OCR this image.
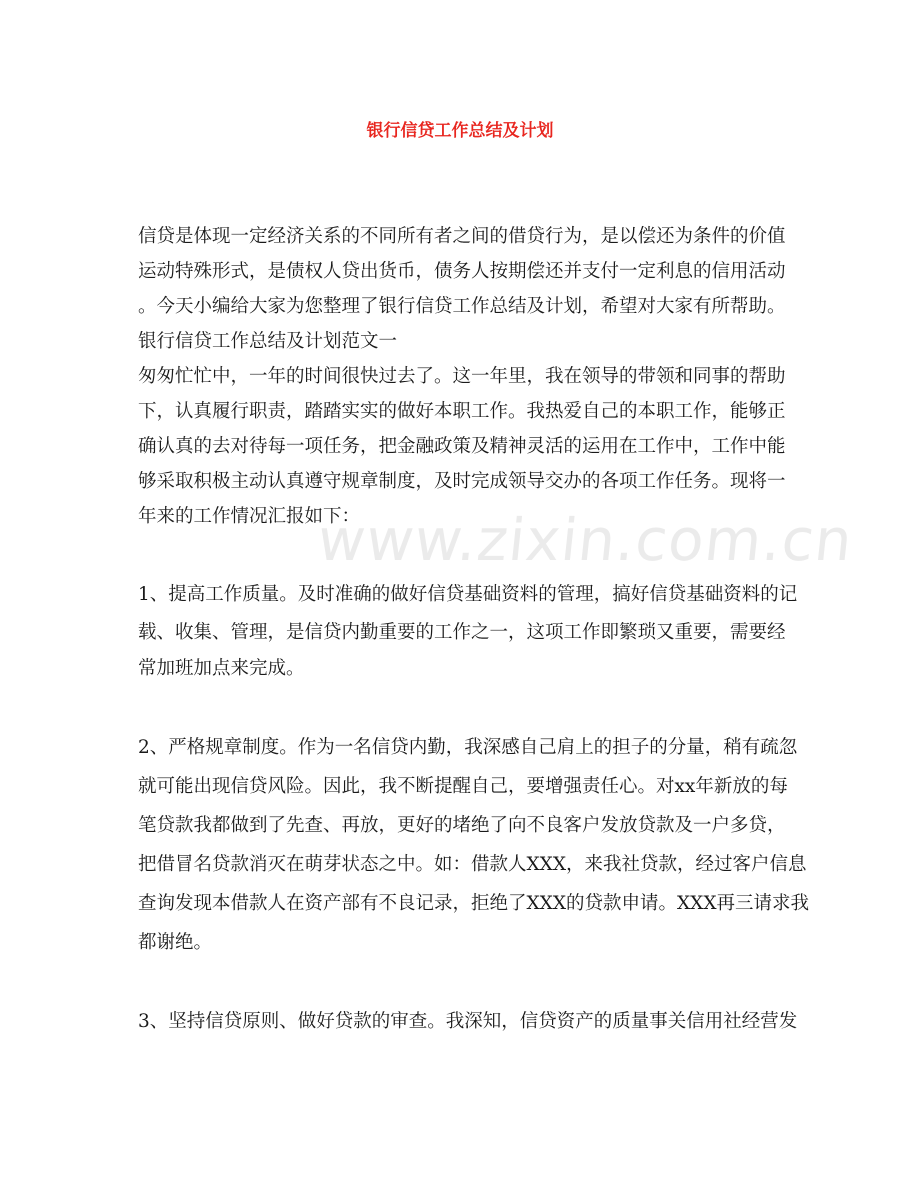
www.zixin.com.cn
银行信贷工作总结及计划

信贷是体现一定经济关系的不同所有者之间的借贷行为，是以偿还为条件的价值

运动特殊形式，是债权人贷出货币，债务人按期偿还并支付一定利息的信用活动

。今天小编给大家为您整理了银行信贷工作总结及计划，希望对大家有所帮助。

银行信贷工作总结及计划范文一

匆匆忙忙中，一年的时间很快过去了。这一年里，我在领导的带领和同事的帮助

下，认真履行职责，踏踏实实的做好本职工作。我热爱自己的本职工作，能够正

确认真的去对待每一项任务，把金融政策及精神灵活的运用在工作中，工作中能

够采取积极主动认真遵守规章制度，及时完成领导交办的各项工作任务。现将一

年来的工作情况汇报如下：

1、提高工作质量。及时准确的做好信贷基础资料的管理，搞好信贷基础资料的记

载、收集、管理，是信贷内勤重要的工作之一，这项工作即繁琐又重要，需要经

常加班加点来完成。

2、严格规章制度。作为一名信贷内勤，我深感自己肩上的担子的分量，稍有疏忽

就可能出现信贷风险。因此，我不断提醒自己，要增强责任心。对xx年新放的每

笔贷款我都做到了先查、再放，更好的堵绝了向不良客户发放贷款及一户多贷，

把借冒名贷款消灭在萌芽状态之中。如：借款人XXX，来我社贷款，经过客户信息

查询发现本借款人在资产部有不良记录，拒绝了XXX的贷款申请。XXX再三请求我

都谢绝。

3、坚持信贷原则、做好贷款的审查。我深知，信贷资产的质量事关信用社经营发
